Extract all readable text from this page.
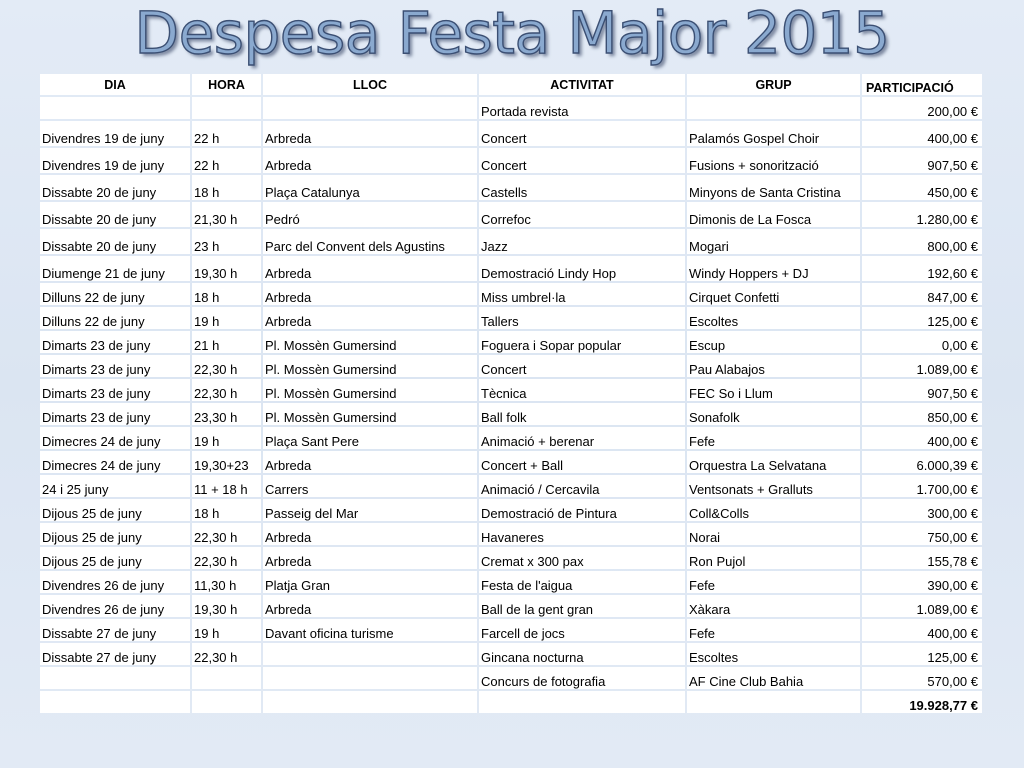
Despesa Festa Major 2015
DIA	HORA	LLOC	ACTIVITAT	GRUP	PARTICIPACIÓ
			Portada revista		200,00 €
Divendres 19 de juny	22 h	Arbreda	Concert	Palamós Gospel Choir	400,00 €
Divendres 19 de juny	22 h	Arbreda	Concert	Fusions + sonorització	907,50 €
Dissabte 20 de juny	18 h	Plaça Catalunya	Castells	Minyons de Santa Cristina	450,00 €
Dissabte 20 de juny	21,30 h	Pedró	Correfoc	Dimonis de La Fosca	1.280,00 €
Dissabte 20 de juny	23 h	Parc del Convent dels Agustins	Jazz	Mogari	800,00 €
Diumenge 21 de juny	19,30 h	Arbreda	Demostració Lindy Hop	Windy Hoppers + DJ	192,60 €
Dilluns 22 de juny	18 h	Arbreda	Miss umbrel·la	Cirquet Confetti	847,00 €
Dilluns 22 de juny	19 h	Arbreda	Tallers	Escoltes	125,00 €
Dimarts 23 de juny	21 h	Pl. Mossèn Gumersind	Foguera i Sopar popular	Escup	0,00 €
Dimarts 23 de juny	22,30 h	Pl. Mossèn Gumersind	Concert	Pau Alabajos	1.089,00 €
Dimarts 23 de juny	22,30 h	Pl. Mossèn Gumersind	Tècnica	FEC So i Llum	907,50 €
Dimarts 23 de juny	23,30 h	Pl. Mossèn Gumersind	Ball folk	Sonafolk	850,00 €
Dimecres 24 de juny	19 h	Plaça Sant Pere	Animació + berenar	Fefe	400,00 €
Dimecres 24 de juny	19,30+23	Arbreda	Concert + Ball	Orquestra La Selvatana	6.000,39 €
24 i 25 juny	11 + 18 h	Carrers	Animació / Cercavila	Ventsonats + Gralluts	1.700,00 €
Dijous 25 de juny	18 h	Passeig del Mar	Demostració de Pintura	Coll&Colls	300,00 €
Dijous 25 de juny	22,30 h	Arbreda	Havaneres	Norai	750,00 €
Dijous 25 de juny	22,30 h	Arbreda	Cremat x 300 pax	Ron Pujol	155,78 €
Divendres 26 de juny	11,30 h	Platja Gran	Festa de l'aigua	Fefe	390,00 €
Divendres 26 de juny	19,30 h	Arbreda	Ball de la gent gran	Xàkara	1.089,00 €
Dissabte 27 de juny	19 h	Davant oficina turisme	Farcell de jocs	Fefe	400,00 €
Dissabte 27 de juny	22,30 h		Gincana nocturna	Escoltes	125,00 €
			Concurs de fotografia	AF Cine Club Bahia	570,00 €
					19.928,77 €
